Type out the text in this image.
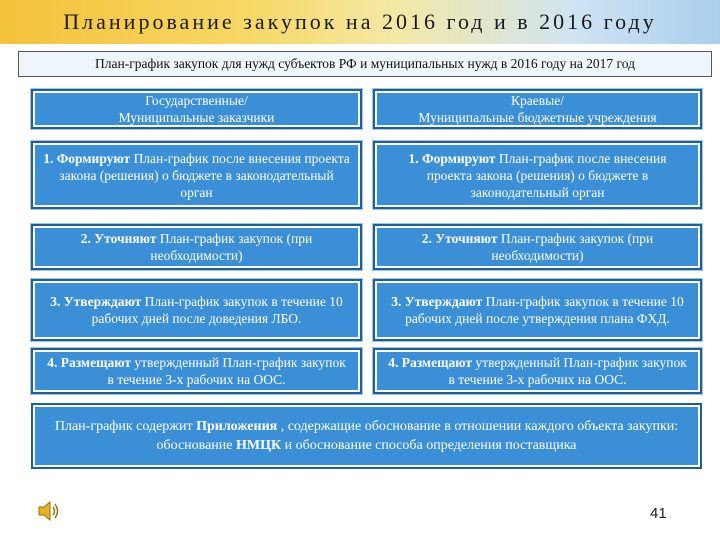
Планирование закупок на 2016 год и в 2016 году
План-график закупок для нужд субъектов РФ и муниципальных нужд в 2016 году на 2017 год
Государственные/
Муниципальные заказчики
Краевые/
Муниципальные бюджетные учреждения
1. Формируют План-график после внесения проекта закона (решения) о бюджете в законодательный орган
1. Формируют План-график после внесения проекта закона (решения) о бюджете в законодательный орган
2. Уточняют План-график закупок (при необходимости)
2. Уточняют План-график закупок (при необходимости)
3. Утверждают План-график закупок в течение 10 рабочих дней после доведения ЛБО.
3. Утверждают План-график закупок в течение 10 рабочих дней после утверждения плана ФХД.
4. Размещают утвержденный План-график закупок в течение 3-х рабочих на ООС.
4. Размещают утвержденный План-график закупок в течение 3-х рабочих на ООС.
План-график содержит Приложения , содержащие обоснование в отношении каждого объекта закупки: обоснование НМЦК и обоснование способа определения поставщика
41
